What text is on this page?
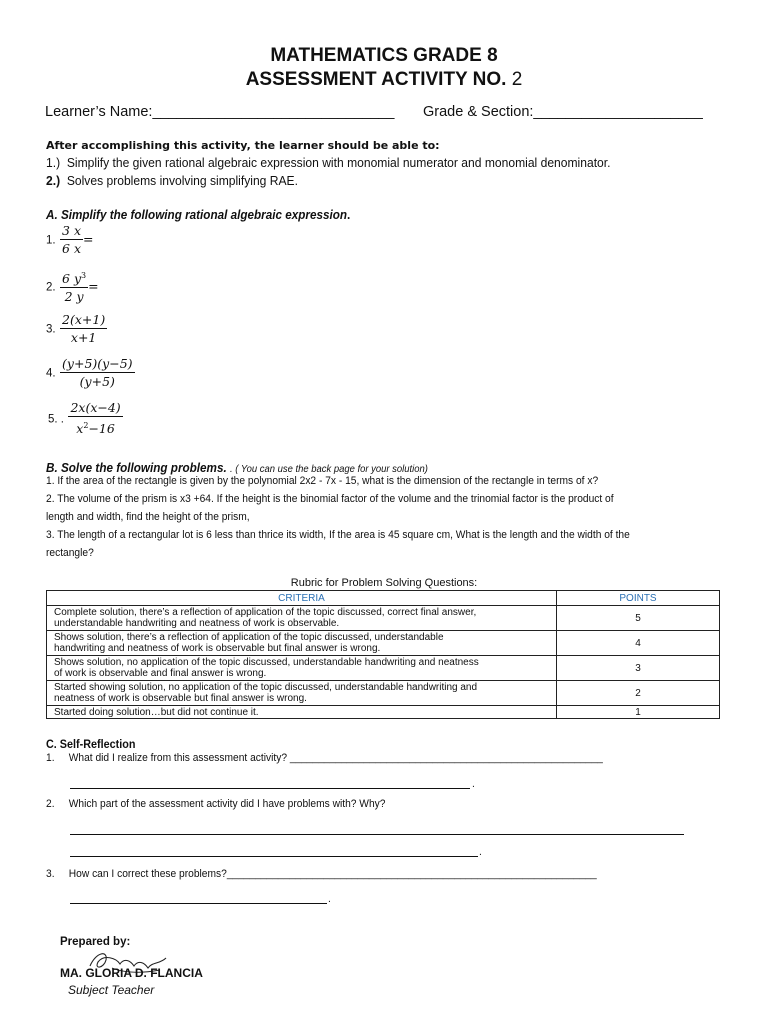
MATHEMATICS GRADE 8
ASSESSMENT ACTIVITY NO. 2
Learner’s Name:______________________________ Grade & Section:_____________________
After accomplishing this activity, the learner should be able to:
1.) Simplify the given rational algebraic expression with monomial numerator and monomial denominator.
2.) Solves problems involving simplifying RAE.
A. Simplify the following rational algebraic expression.
1. $\frac{3 x}{6 x}$ =
2. $\frac{6 y^3}{2 y}$ =
3. $\frac{2(x+1)}{x+1}$
4. $\frac{(y+5)(y-5)}{(y+5)}$
5. . $\frac{2x(x-4)}{x^2-16}$
B. Solve the following problems. . ( You can use the back page for your solution)
1. If the area of the rectangle is given by the polynomial 2x2 - 7x - 15, what is the dimension of the rectangle in terms of x?
2. The volume of the prism is x3 +64. If the height is the binomial factor of the volume and the trinomial factor is the product of
length and width, find the height of the prism,
3. The length of a rectangular lot is 6 less than thrice its width, If the area is 45 square cm, What is the length and the width of the
rectangle?
Rubric for Problem Solving Questions:
CRITERIA	POINTS

Complete solution, there’s a reflection of application of the topic discussed, correct final answer,
understandable handwriting and neatness of work is observable.	5

Shows solution, there’s a reflection of application of the topic discussed, understandable
handwriting and neatness of work is observable but final answer is wrong.	4

Shows solution, no application of the topic discussed, understandable handwriting and neatness
of work is observable and final answer is wrong.	3

Started showing solution, no application of the topic discussed, understandable handwriting and
neatness of work is observable but final answer is wrong.	2

Started doing solution…but did not continue it.	1
C. Self-Reflection
1. What did I realize from this assessment activity? _______________________________________________________
.
2. Which part of the assessment activity did I have problems with? Why?
.
3. How can I correct these problems?_________________________________________________________________
.
Prepared by:
MA. GLORIA D. FLANCIA
Subject Teacher
